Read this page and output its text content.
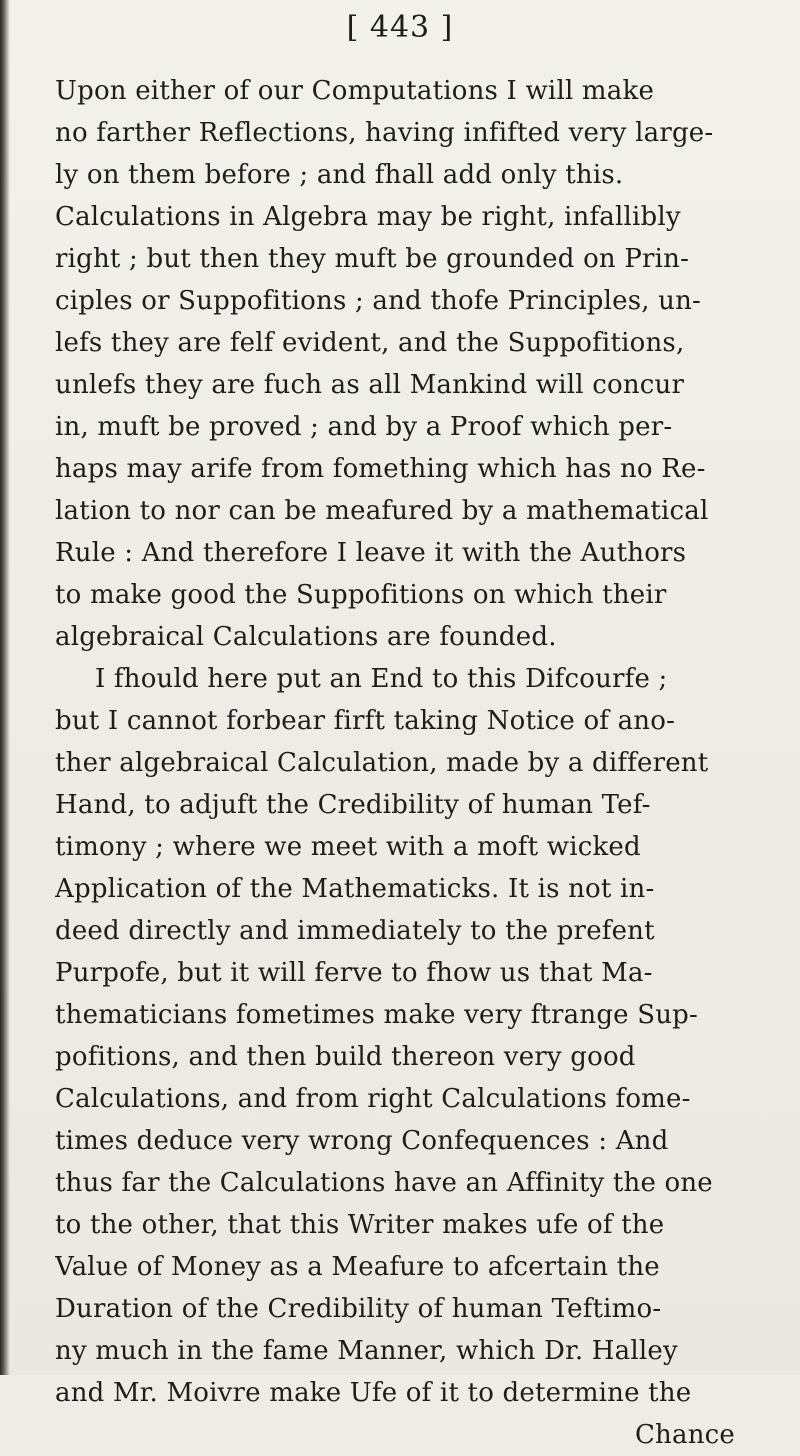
[ 443 ]
Upon either of our Computations I will make
no farther Reflections, having infifted very large-
ly on them before ; and fhall add only this.
Calculations in Algebra may be right, infallibly
right ; but then they muft be grounded on Prin-
ciples or Suppofitions ; and thofe Principles, un-
lefs they are felf evident, and the Suppofitions,
unlefs they are fuch as all Mankind will concur
in, muft be proved ; and by a Proof which per-
haps may arife from fomething which has no Re-
lation to nor can be meafured by a mathematical
Rule : And therefore I leave it with the Authors
to make good the Suppofitions on which their
algebraical Calculations are founded.
I fhould here put an End to this Difcourfe ;
but I cannot forbear firft taking Notice of ano-
ther algebraical Calculation, made by a different
Hand, to adjuft the Credibility of human Tef-
timony ; where we meet with a moft wicked
Application of the Mathematicks. It is not in-
deed directly and immediately to the prefent
Purpofe, but it will ferve to fhow us that Ma-
thematicians fometimes make very ftrange Sup-
pofitions, and then build thereon very good
Calculations, and from right Calculations fome-
times deduce very wrong Confequences : And
thus far the Calculations have an Affinity the one
to the other, that this Writer makes ufe of the
Value of Money as a Meafure to afcertain the
Duration of the Credibility of human Teftimo-
ny much in the fame Manner, which Dr. Halley
and Mr. Moivre make Ufe of it to determine the
Chance
